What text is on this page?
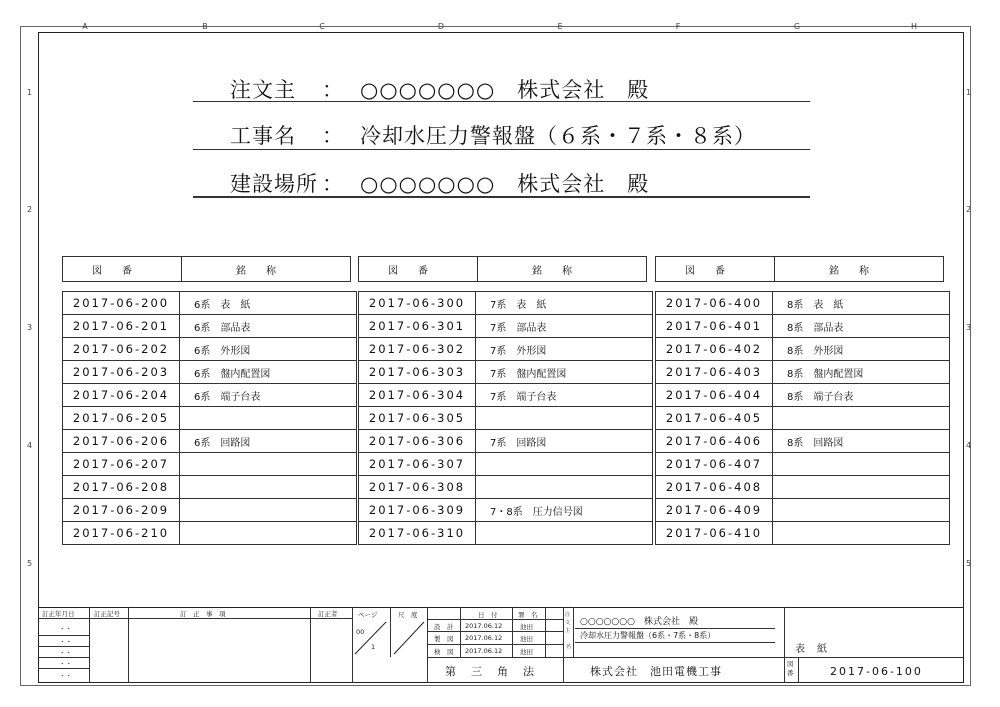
A	B	C	D	E	F	G	H
1
2
3
4
5
1
2
3
4
5
注文主 ： ○○○○○○○　株式会社　殿
工事名 ： 冷却水圧力警報盤（６系・７系・８系）
建設場所 ： ○○○○○○○　株式会社　殿
図番	銘称	図番	銘称	図番	銘称
2017-06-200	6系　表　紙
2017-06-201	6系　部品表
2017-06-202	6系　外形図
2017-06-203	6系　盤内配置図
2017-06-204	6系　端子台表
2017-06-205	
2017-06-206	6系　回路図
2017-06-207	
2017-06-208	
2017-06-209	
2017-06-210	
2017-06-300	7系　表　紙
2017-06-301	7系　部品表
2017-06-302	7系　外形図
2017-06-303	7系　盤内配置図
2017-06-304	7系　端子台表
2017-06-305	
2017-06-306	7系　回路図
2017-06-307	
2017-06-308	
2017-06-309	7・8系　圧力信号図
2017-06-310	
2017-06-400	8系　表　紙
2017-06-401	8系　部品表
2017-06-402	8系　外形図
2017-06-403	8系　盤内配置図
2017-06-404	8系　端子台表
2017-06-405	
2017-06-406	8系　回路図
2017-06-407	
2017-06-408	
2017-06-409	
2017-06-410	
訂正年月日	訂正記号	訂　正　事　項	訂正者
・・
・・
・・
・・
・・
ページ	尺　度
00
1
日　付	署　名
設　計 2017.06.12	池田
製　図 2017.06.12	池田
検　図 2017.06.12	池田
注文主
名
○○○○○○○　株式会社　殿
冷却水圧力警報盤（6系・7系・8系）
表　紙
第　三　角　法	株式会社　池田電機工事
図番	2017-06-100
